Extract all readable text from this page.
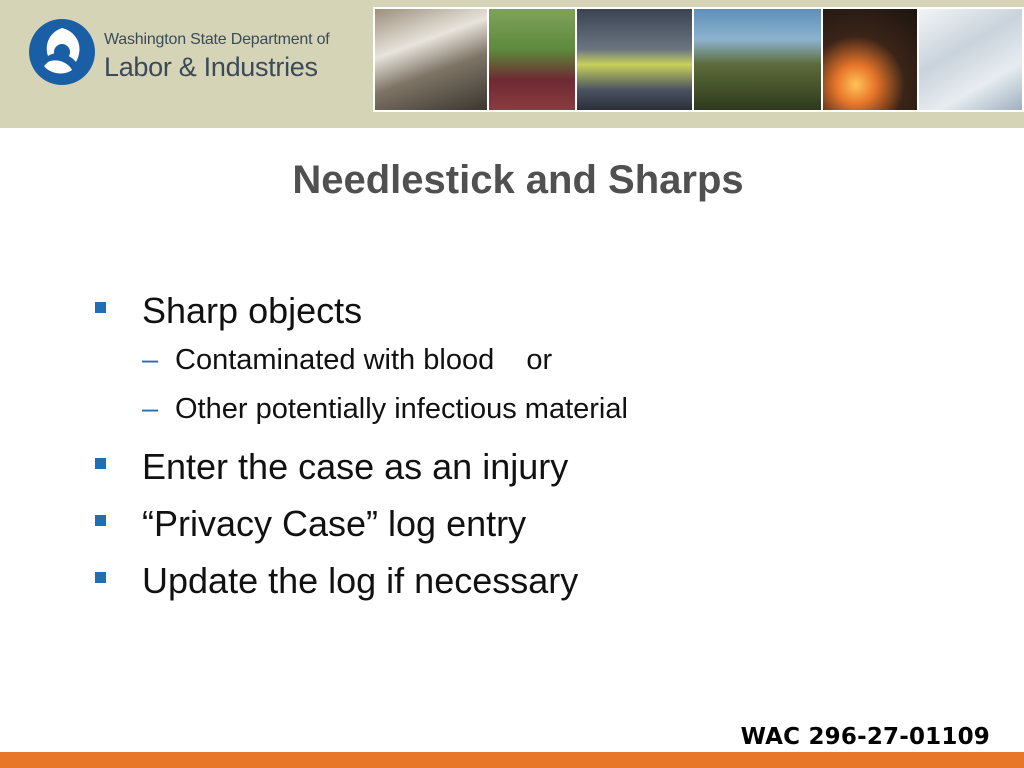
Washington State Department of
Labor & Industries
Needlestick and Sharps
Sharp objects
– Contaminated with blood    or
– Other potentially infectious material
Enter the case as an injury
“Privacy Case” log entry
Update the log if necessary
WAC 296-27-01109
